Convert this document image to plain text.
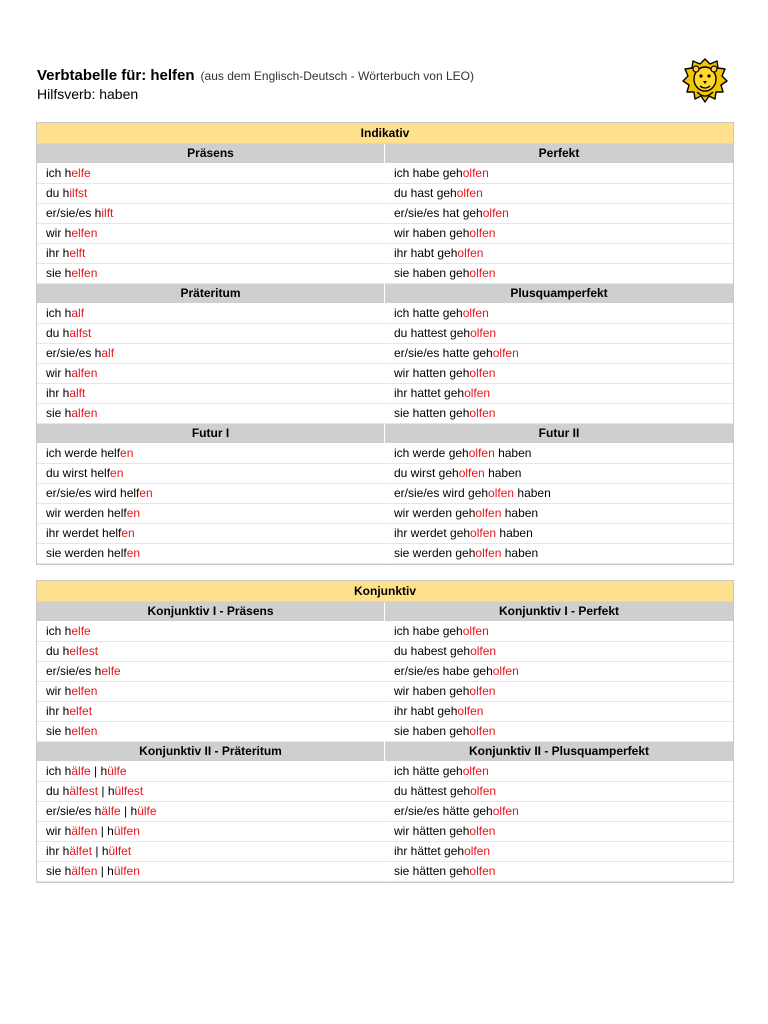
Verbtabelle für: helfen (aus dem Englisch-Deutsch - Wörterbuch von LEO)
Hilfsverb: haben
Indikativ
Präsens
ich helfe
du hilfst
er/sie/es hilft
wir helfen
ihr helft
sie helfen
Perfekt
ich habe geholfen
du hast geholfen
er/sie/es hat geholfen
wir haben geholfen
ihr habt geholfen
sie haben geholfen
Präteritum
ich half
du halfst
er/sie/es half
wir halfen
ihr halft
sie halfen
Plusquamperfekt
ich hatte geholfen
du hattest geholfen
er/sie/es hatte geholfen
wir hatten geholfen
ihr hattet geholfen
sie hatten geholfen
Futur I
ich werde helfen
du wirst helfen
er/sie/es wird helfen
wir werden helfen
ihr werdet helfen
sie werden helfen
Futur II
ich werde geholfen haben
du wirst geholfen haben
er/sie/es wird geholfen haben
wir werden geholfen haben
ihr werdet geholfen haben
sie werden geholfen haben
Konjunktiv
Konjunktiv I - Präsens
ich helfe
du helfest
er/sie/es helfe
wir helfen
ihr helfet
sie helfen
Konjunktiv I - Perfekt
ich habe geholfen
du habest geholfen
er/sie/es habe geholfen
wir haben geholfen
ihr habt geholfen
sie haben geholfen
Konjunktiv II - Präteritum
ich hälfe | hülfe
du hälfest | hülfest
er/sie/es hälfe | hülfe
wir hälfen | hülfen
ihr hälfet | hülfet
sie hälfen | hülfen
Konjunktiv II - Plusquamperfekt
ich hätte geholfen
du hättest geholfen
er/sie/es hätte geholfen
wir hätten geholfen
ihr hättet geholfen
sie hätten geholfen
